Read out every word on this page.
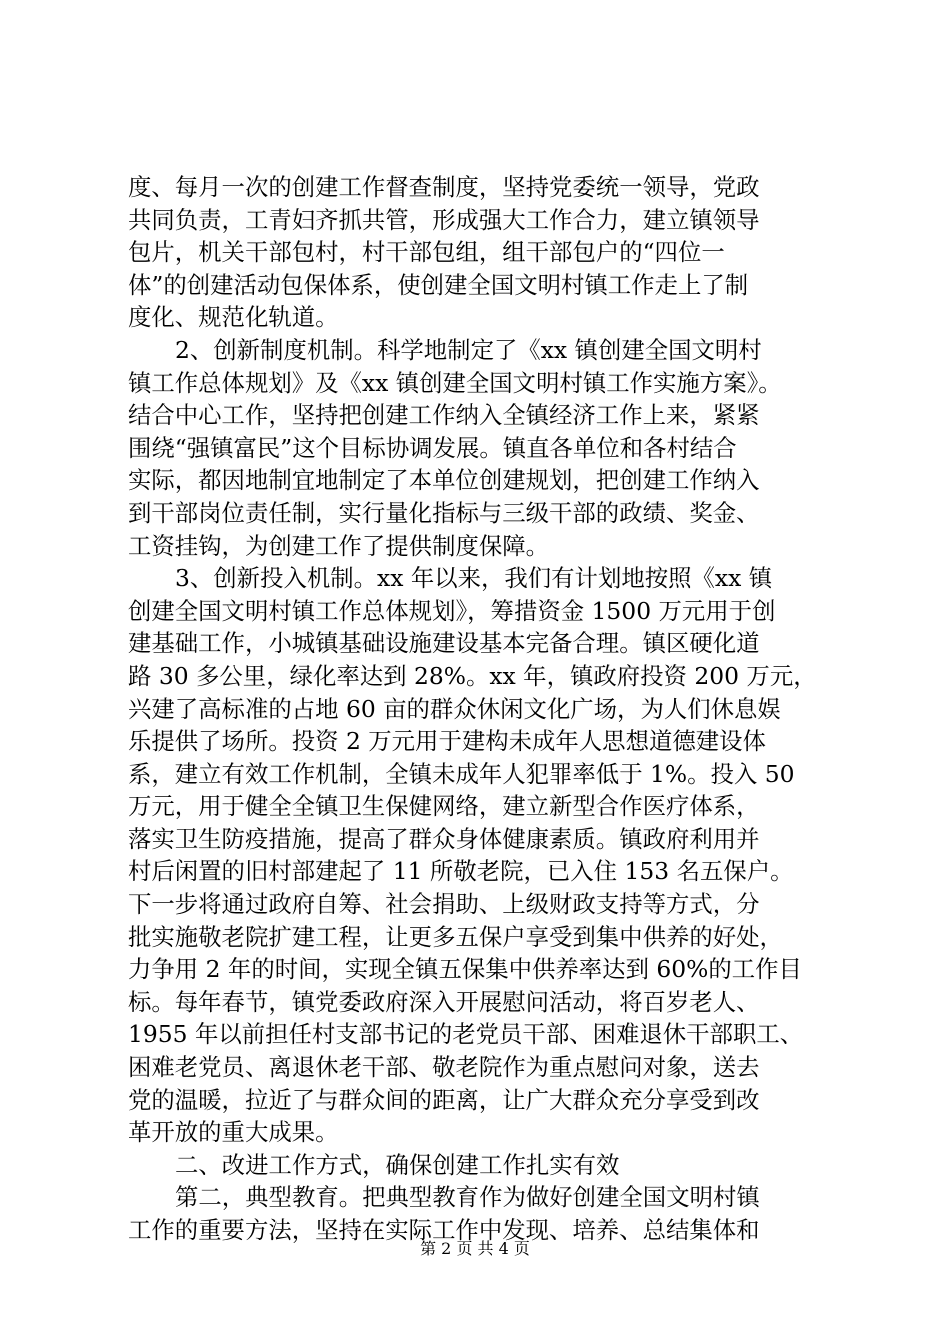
度、每月一次的创建工作督查制度，坚持党委统一领导，党政
共同负责，工青妇齐抓共管，形成强大工作合力，建立镇领导
包片，机关干部包村，村干部包组，组干部包户的“四位一
体”的创建活动包保体系，使创建全国文明村镇工作走上了制
度化、规范化轨道。
2、创新制度机制。科学地制定了《xx 镇创建全国文明村
镇工作总体规划》及《xx 镇创建全国文明村镇工作实施方案》。
结合中心工作，坚持把创建工作纳入全镇经济工作上来，紧紧
围绕“强镇富民”这个目标协调发展。镇直各单位和各村结合
实际，都因地制宜地制定了本单位创建规划，把创建工作纳入
到干部岗位责任制，实行量化指标与三级干部的政绩、奖金、
工资挂钩，为创建工作了提供制度保障。
3、创新投入机制。xx 年以来，我们有计划地按照《xx 镇
创建全国文明村镇工作总体规划》，筹措资金 1500 万元用于创
建基础工作，小城镇基础设施建设基本完备合理。镇区硬化道
路 30 多公里，绿化率达到 28%。xx 年，镇政府投资 200 万元，
兴建了高标准的占地 60 亩的群众休闲文化广场，为人们休息娱
乐提供了场所。投资 2 万元用于建构未成年人思想道德建设体
系，建立有效工作机制，全镇未成年人犯罪率低于 1%。投入 50
万元，用于健全全镇卫生保健网络，建立新型合作医疗体系，
落实卫生防疫措施，提高了群众身体健康素质。镇政府利用并
村后闲置的旧村部建起了 11 所敬老院，已入住 153 名五保户。
下一步将通过政府自筹、社会捐助、上级财政支持等方式，分
批实施敬老院扩建工程，让更多五保户享受到集中供养的好处，
力争用 2 年的时间，实现全镇五保集中供养率达到 60%的工作目
标。每年春节，镇党委政府深入开展慰问活动，将百岁老人、
1955 年以前担任村支部书记的老党员干部、困难退休干部职工、
困难老党员、离退休老干部、敬老院作为重点慰问对象，送去
党的温暖，拉近了与群众间的距离，让广大群众充分享受到改
革开放的重大成果。
二、改进工作方式，确保创建工作扎实有效
第二，典型教育。把典型教育作为做好创建全国文明村镇
工作的重要方法，坚持在实际工作中发现、培养、总结集体和
第 2 页 共 4 页
